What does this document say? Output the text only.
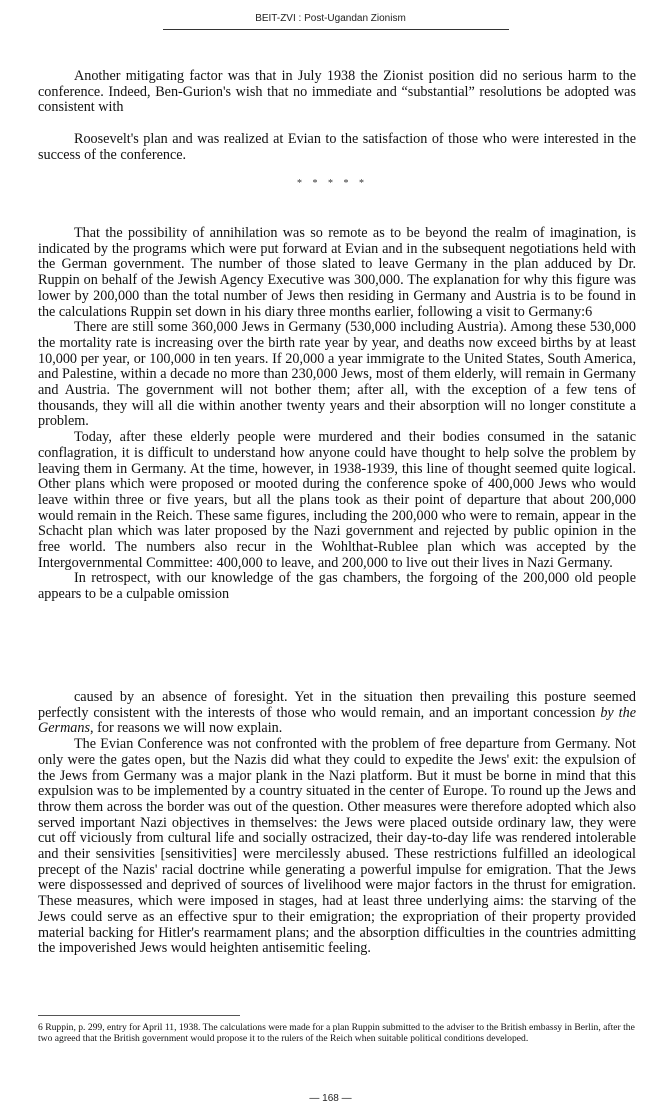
BEIT-ZVI : Post-Ugandan Zionism

Another mitigating factor was that in July 1938 the Zionist position did no serious harm to the conference. Indeed, Ben-Gurion's wish that no immediate and “substantial” resolutions be adopted was consistent with

Roosevelt's plan and was realized at Evian to the satisfaction of those who were interested in the success of the conference.

* * * * *

That the possibility of annihilation was so remote as to be beyond the realm of imagination, is indicated by the programs which were put forward at Evian and in the subsequent negotiations held with the German government. The number of those slated to leave Germany in the plan adduced by Dr. Ruppin on behalf of the Jewish Agency Executive was 300,000. The explanation for why this figure was lower by 200,000 than the total number of Jews then residing in Germany and Austria is to be found in the calculations Ruppin set down in his diary three months earlier, following a visit to Germany:6

There are still some 360,000 Jews in Germany (530,000 including Austria). Among these 530,000 the mortality rate is increasing over the birth rate year by year, and deaths now exceed births by at least 10,000 per year, or 100,000 in ten years. If 20,000 a year immigrate to the United States, South America, and Palestine, within a decade no more than 230,000 Jews, most of them elderly, will remain in Germany and Austria. The government will not bother them; after all, with the exception of a few tens of thousands, they will all die within another twenty years and their absorption will no longer constitute a problem.

Today, after these elderly people were murdered and their bodies consumed in the satanic conflagration, it is difficult to understand how anyone could have thought to help solve the problem by leaving them in Germany. At the time, however, in 1938-1939, this line of thought seemed quite logical. Other plans which were proposed or mooted during the conference spoke of 400,000 Jews who would leave within three or five years, but all the plans took as their point of departure that about 200,000 would remain in the Reich. These same figures, including the 200,000 who were to remain, appear in the Schacht plan which was later proposed by the Nazi government and rejected by public opinion in the free world. The numbers also recur in the Wohlthat-Rublee plan which was accepted by the Intergovernmental Committee: 400,000 to leave, and 200,000 to live out their lives in Nazi Germany.

In retrospect, with our knowledge of the gas chambers, the forgoing of the 200,000 old people appears to be a culpable omission

caused by an absence of foresight. Yet in the situation then prevailing this posture seemed perfectly consistent with the interests of those who would remain, and an important concession by the Germans, for reasons we will now explain.

The Evian Conference was not confronted with the problem of free departure from Germany. Not only were the gates open, but the Nazis did what they could to expedite the Jews' exit: the expulsion of the Jews from Germany was a major plank in the Nazi platform. But it must be borne in mind that this expulsion was to be implemented by a country situated in the center of Europe. To round up the Jews and throw them across the border was out of the question. Other measures were therefore adopted which also served important Nazi objectives in themselves: the Jews were placed outside ordinary law, they were cut off viciously from cultural life and socially ostracized, their day-to-day life was rendered intolerable and their sensivities [sensitivities] were mercilessly abused. These restrictions fulfilled an ideological precept of the Nazis' racial doctrine while generating a powerful impulse for emigration. That the Jews were dispossessed and deprived of sources of livelihood were major factors in the thrust for emigration. These measures, which were imposed in stages, had at least three underlying aims: the starving of the Jews could serve as an effective spur to their emigration; the expropriation of their property provided material backing for Hitler's rearmament plans; and the absorption difficulties in the countries admitting the impoverished Jews would heighten antisemitic feeling.

6 Ruppin, p. 299, entry for April 11, 1938. The calculations were made for a plan Ruppin submitted to the adviser to the British embassy in Berlin, after the two agreed that the British government would propose it to the rulers of the Reich when suitable political conditions developed.
— 168 —
